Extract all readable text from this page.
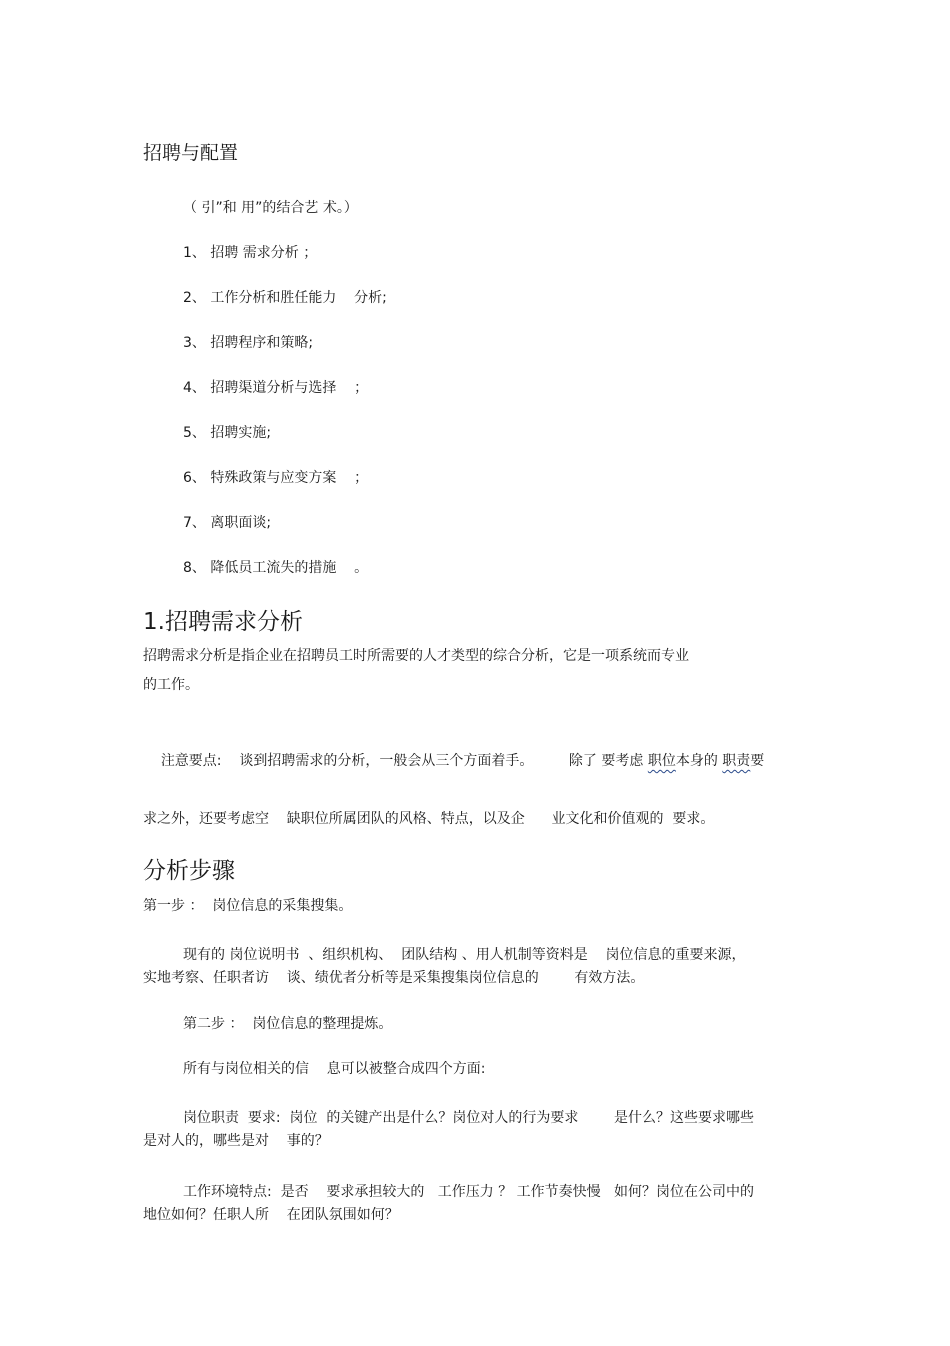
招聘与配置
（ 引”和 用”的结合艺 术。）
1、 招聘 需求分析 ；
2、 工作分析和胜任能力    分析;
3、 招聘程序和策略;
4、 招聘渠道分析与选择    ；
5、 招聘实施;
6、 特殊政策与应变方案    ；
7、 离职面谈;
8、 降低员工流失的措施    。
1.招聘需求分析
招聘需求分析是指企业在招聘员工时所需要的人才类型的综合分析，它是一项系统而专业
的工作。

注意要点:    谈到招聘需求的分析，一般会从三个方面着手。        除了 要考虑 职位本身的 职责要

求之外，还要考虑空    缺职位所属团队的风格、特点，以及企      业文化和价值观的  要求。
分析步骤
第一步 ：  岗位信息的采集搜集。
现有的 岗位说明书  、组织机构、  团队结构 、用人机制等资料是    岗位信息的重要来源，
实地考察、任职者访    谈、绩优者分析等是采集搜集岗位信息的        有效方法。
第二步 ：  岗位信息的整理提炼。
所有与岗位相关的信    息可以被整合成四个方面:
岗位职责  要求:  岗位  的关键产出是什么？岗位对人的行为要求        是什么？这些要求哪些
是对人的，哪些是对    事的？
工作环境特点:  是否    要求承担较大的   工作压力 ？ 工作节奏快慢   如何？岗位在公司中的
地位如何？任职人所    在团队氛围如何？
